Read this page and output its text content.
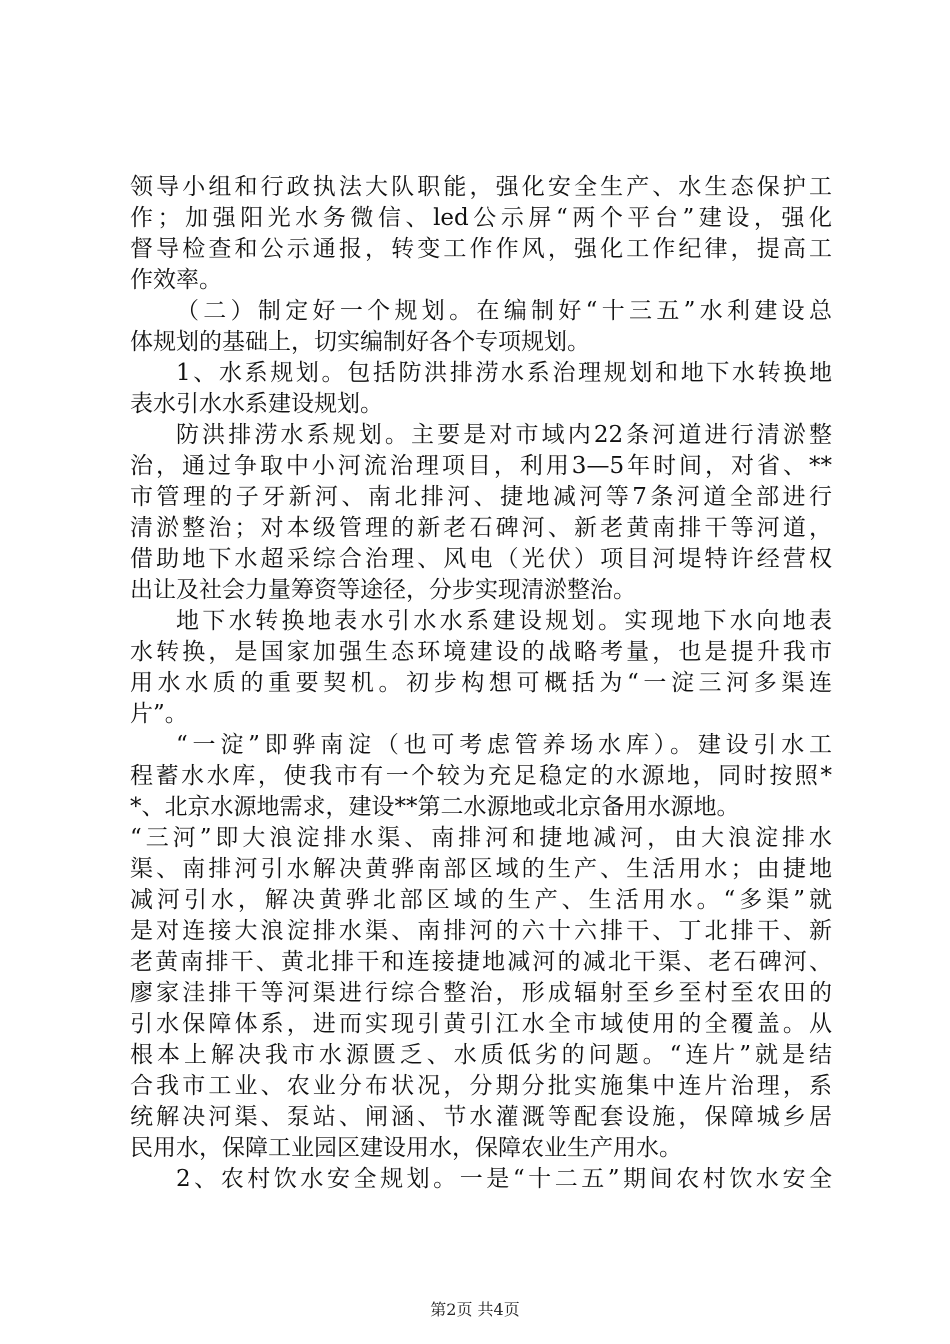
领导小组和行政执法大队职能，强化安全生产、水生态保护工
作；加强阳光水务微信、led公示屏“两个平台”建设，强化
督导检查和公示通报，转变工作作风，强化工作纪律，提高工
作效率。
（二）制定好一个规划。在编制好“十三五”水利建设总
体规划的基础上，切实编制好各个专项规划。
1、水系规划。包括防洪排涝水系治理规划和地下水转换地
表水引水水系建设规划。
防洪排涝水系规划。主要是对市域内22条河道进行清淤整
治，通过争取中小河流治理项目，利用3—5年时间，对省、**
市管理的子牙新河、南北排河、捷地减河等7条河道全部进行
清淤整治；对本级管理的新老石碑河、新老黄南排干等河道，
借助地下水超采综合治理、风电（光伏）项目河堤特许经营权
出让及社会力量筹资等途径，分步实现清淤整治。
地下水转换地表水引水水系建设规划。实现地下水向地表
水转换，是国家加强生态环境建设的战略考量，也是提升我市
用水水质的重要契机。初步构想可概括为“一淀三河多渠连
片”。
“一淀”即骅南淀（也可考虑管养场水库）。建设引水工
程蓄水水库，使我市有一个较为充足稳定的水源地，同时按照*
*、北京水源地需求，建设**第二水源地或北京备用水源地。
“三河”即大浪淀排水渠、南排河和捷地减河，由大浪淀排水
渠、南排河引水解决黄骅南部区域的生产、生活用水；由捷地
减河引水，解决黄骅北部区域的生产、生活用水。“多渠”就
是对连接大浪淀排水渠、南排河的六十六排干、丁北排干、新
老黄南排干、黄北排干和连接捷地减河的减北干渠、老石碑河、
廖家洼排干等河渠进行综合整治，形成辐射至乡至村至农田的
引水保障体系，进而实现引黄引江水全市域使用的全覆盖。从
根本上解决我市水源匮乏、水质低劣的问题。“连片”就是结
合我市工业、农业分布状况，分期分批实施集中连片治理，系
统解决河渠、泵站、闸涵、节水灌溉等配套设施，保障城乡居
民用水，保障工业园区建设用水，保障农业生产用水。
2、农村饮水安全规划。一是“十二五”期间农村饮水安全
第2页 共4页
